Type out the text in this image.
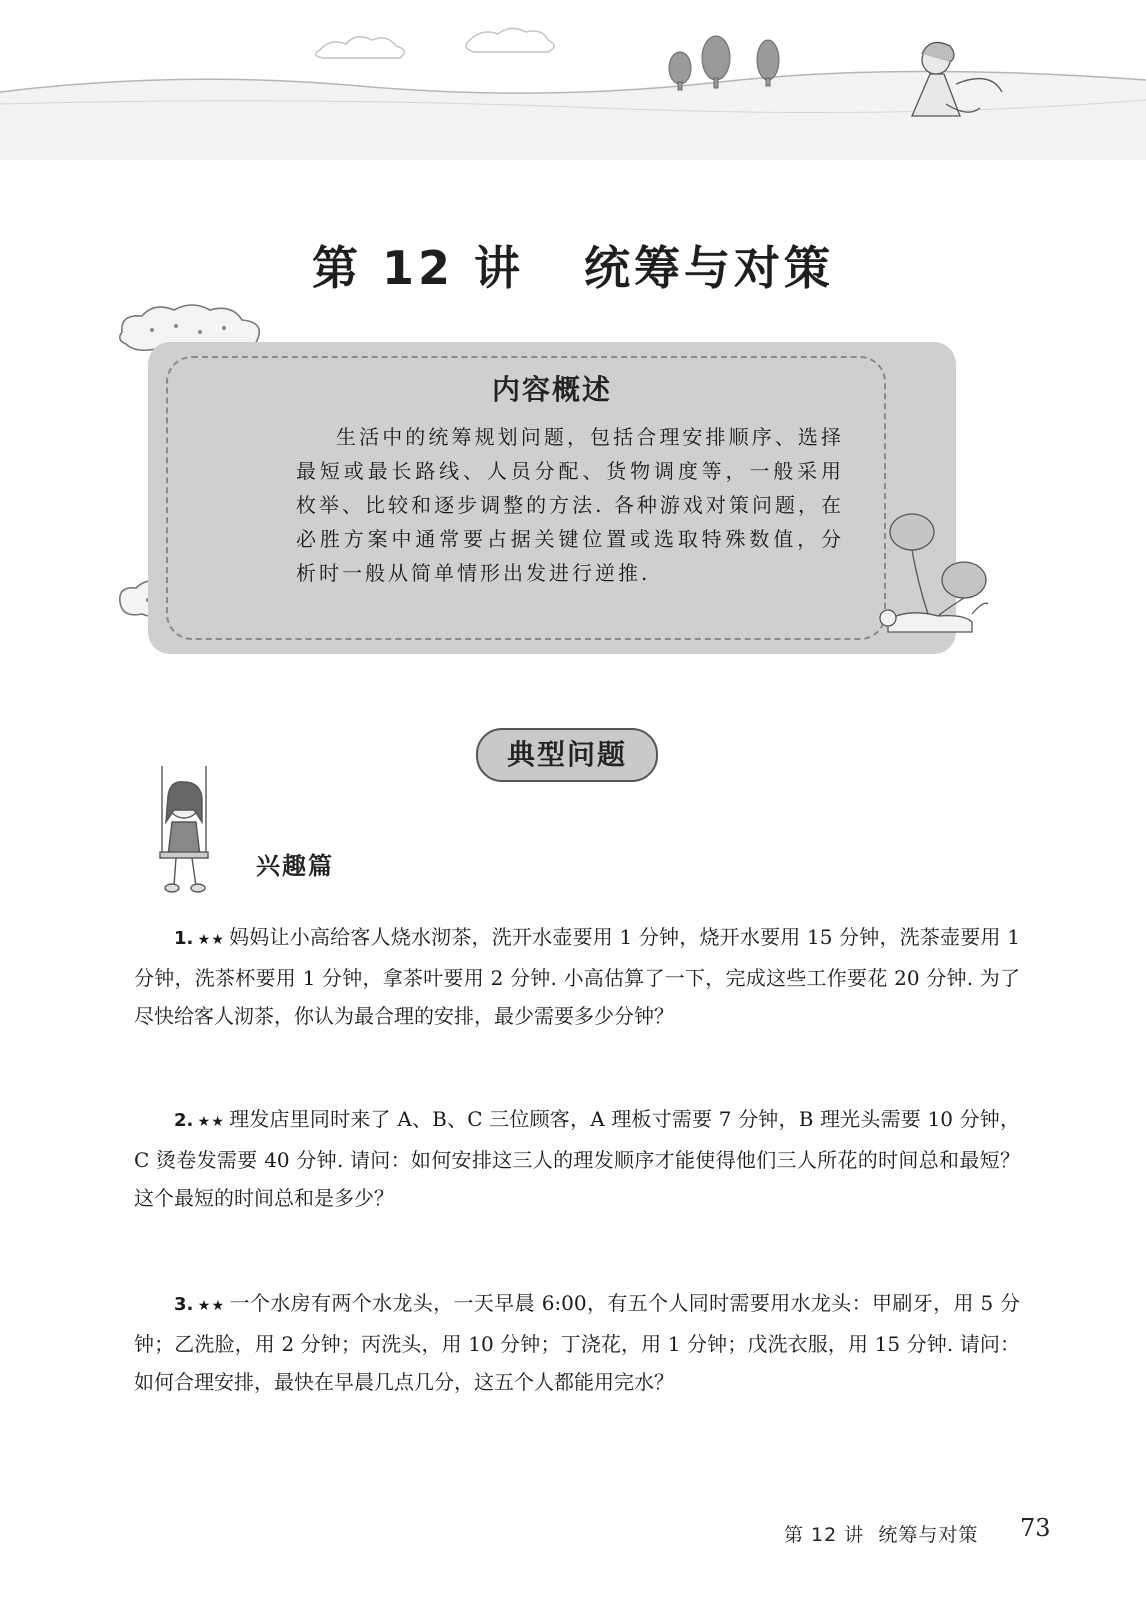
第 12 讲   统筹与对策
内容概述
生活中的统筹规划问题，包括合理安排顺序、选择最短或最长路线、人员分配、货物调度等，一般采用枚举、比较和逐步调整的方法. 各种游戏对策问题，在必胜方案中通常要占据关键位置或选取特殊数值，分析时一般从简单情形出发进行逆推.
典型问题
兴趣篇
1. ★★ 妈妈让小高给客人烧水沏茶，洗开水壶要用 1 分钟，烧开水要用 15 分钟，洗茶壶要用 1 分钟，洗茶杯要用 1 分钟，拿茶叶要用 2 分钟. 小高估算了一下，完成这些工作要花 20 分钟. 为了尽快给客人沏茶，你认为最合理的安排，最少需要多少分钟？
2. ★★ 理发店里同时来了 A、B、C 三位顾客，A 理板寸需要 7 分钟，B 理光头需要 10 分钟，C 烫卷发需要 40 分钟. 请问：如何安排这三人的理发顺序才能使得他们三人所花的时间总和最短？这个最短的时间总和是多少？
3. ★★ 一个水房有两个水龙头，一天早晨 6:00，有五个人同时需要用水龙头：甲刷牙，用 5 分钟；乙洗脸，用 2 分钟；丙洗头，用 10 分钟；丁浇花，用 1 分钟；戊洗衣服，用 15 分钟. 请问：如何合理安排，最快在早晨几点几分，这五个人都能用完水？
第 12 讲  统筹与对策 73
